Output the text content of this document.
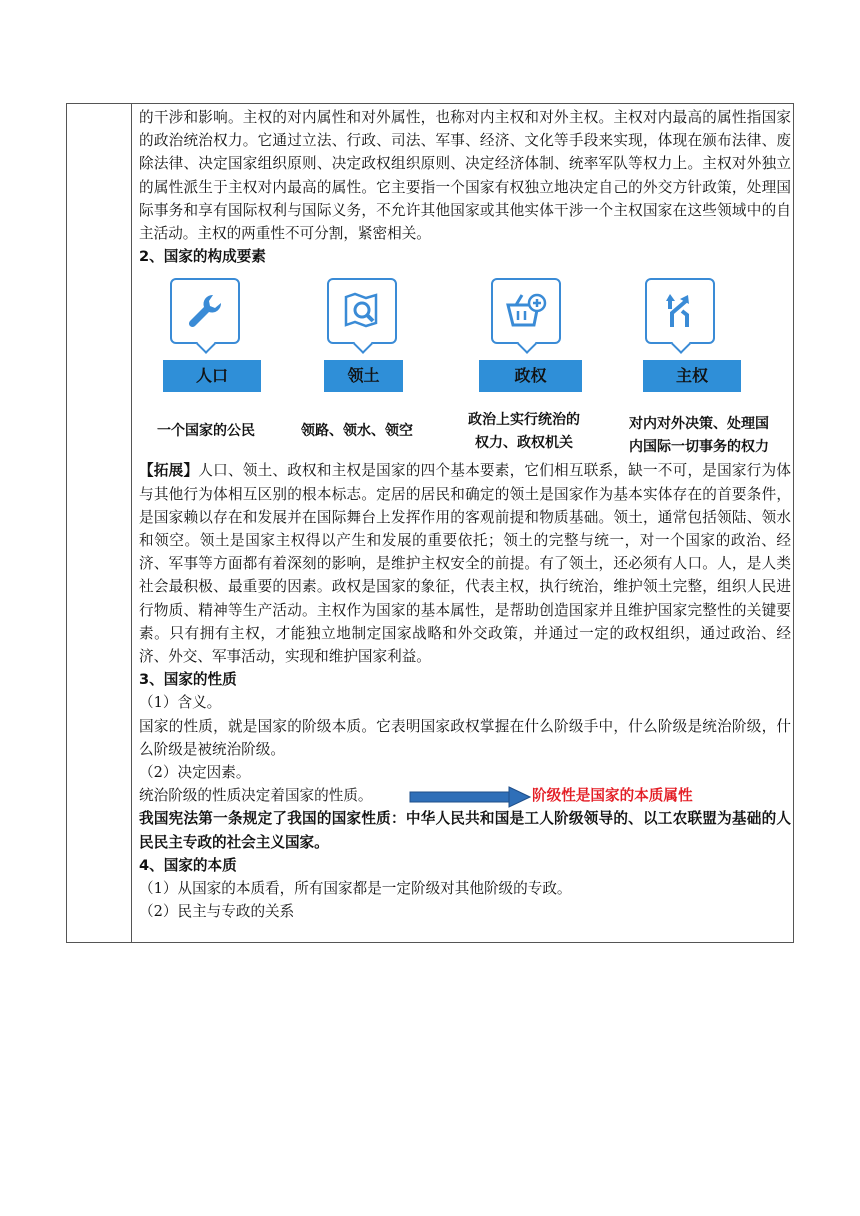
的干涉和影响。主权的对内属性和对外属性，也称对内主权和对外主权。主权对内最高的属性指国家的政治统治权力。它通过立法、行政、司法、军事、经济、文化等手段来实现，体现在颁布法律、废除法律、决定国家组织原则、决定政权组织原则、决定经济体制、统率军队等权力上。主权对外独立的属性派生于主权对内最高的属性。它主要指一个国家有权独立地决定自己的外交方针政策，处理国际事务和享有国际权利与国际义务，不允许其他国家或其他实体干涉一个主权国家在这些领域中的自主活动。主权的两重性不可分割，紧密相关。

2、国家的构成要素

人口	领土	政权	主权
一个国家的公民	领路、领水、领空
政治上实行统治的
权力、政权机关
对内对外决策、处理国
内国际一切事务的权力

【拓展】人口、领土、政权和主权是国家的四个基本要素，它们相互联系，缺一不可，是国家行为体与其他行为体相互区别的根本标志。定居的居民和确定的领土是国家作为基本实体存在的首要条件，是国家赖以存在和发展并在国际舞台上发挥作用的客观前提和物质基础。领土，通常包括领陆、领水和领空。领土是国家主权得以产生和发展的重要依托；领土的完整与统一，对一个国家的政治、经济、军事等方面都有着深刻的影响，是维护主权安全的前提。有了领土，还必须有人口。人，是人类社会最积极、最重要的因素。政权是国家的象征，代表主权，执行统治，维护领土完整，组织人民进行物质、精神等生产活动。主权作为国家的基本属性，是帮助创造国家并且维护国家完整性的关键要素。只有拥有主权，才能独立地制定国家战略和外交政策，并通过一定的政权组织，通过政治、经济、外交、军事活动，实现和维护国家利益。

3、国家的性质

（1）含义。

国家的性质，就是国家的阶级本质。它表明国家政权掌握在什么阶级手中，什么阶级是统治阶级，什么阶级是被统治阶级。

（2）决定因素。

统治阶级的性质决定着国家的性质。	阶级性是国家的本质属性

我国宪法第一条规定了我国的国家性质：中华人民共和国是工人阶级领导的、以工农联盟为基础的人民民主专政的社会主义国家。

4、国家的本质

（1）从国家的本质看，所有国家都是一定阶级对其他阶级的专政。

（2）民主与专政的关系
